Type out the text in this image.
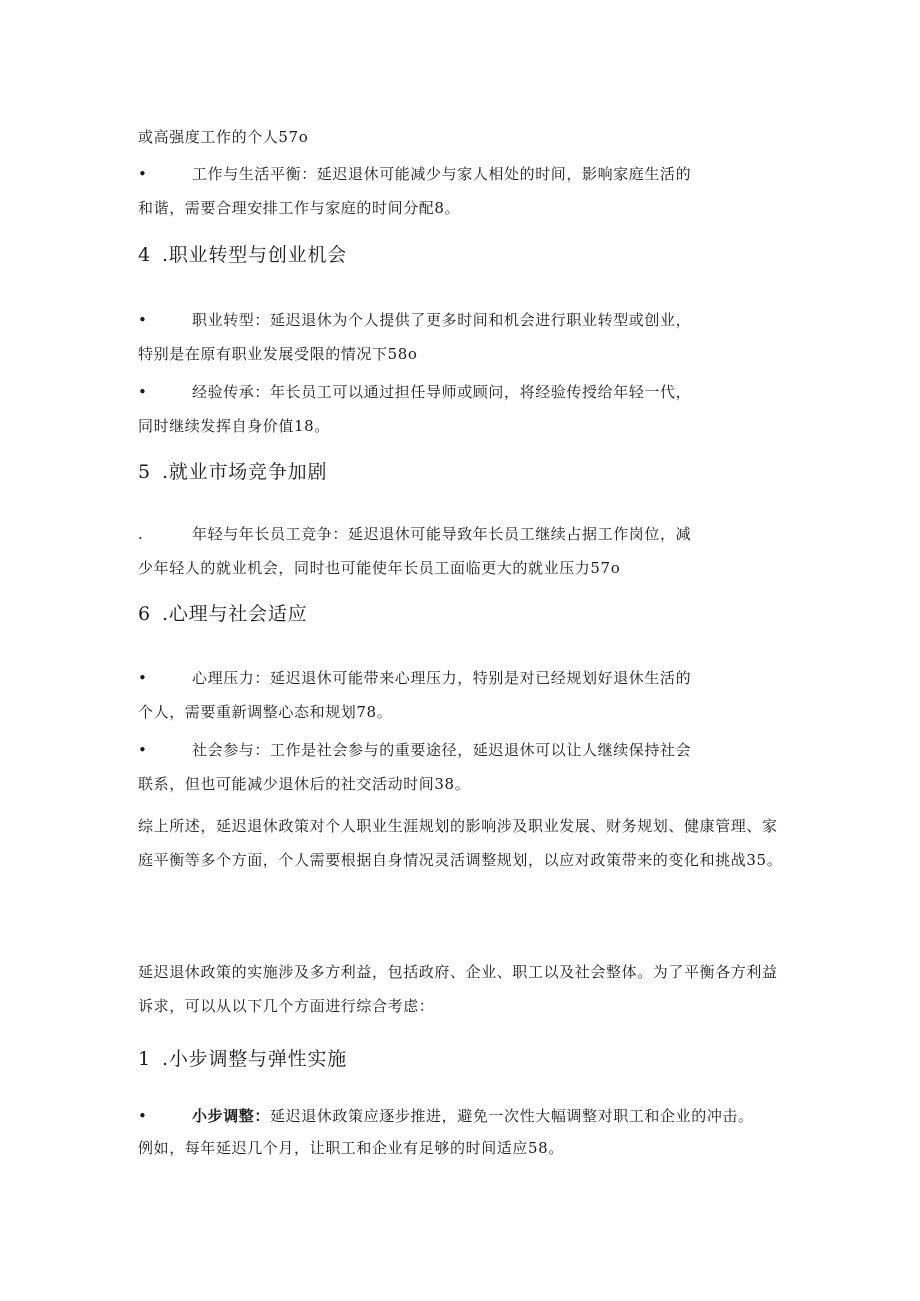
或高强度工作的个人57o
•	工作与生活平衡：延迟退休可能减少与家人相处的时间，影响家庭生活的
和谐，需要合理安排工作与家庭的时间分配8。
4 .职业转型与创业机会
•	职业转型：延迟退休为个人提供了更多时间和机会进行职业转型或创业，
特别是在原有职业发展受限的情况下58o
•	经验传承：年长员工可以通过担任导师或顾问，将经验传授给年轻一代，
同时继续发挥自身价值18。
5 .就业市场竞争加剧
.	年轻与年长员工竞争：延迟退休可能导致年长员工继续占据工作岗位，减
少年轻人的就业机会，同时也可能使年长员工面临更大的就业压力57o
6 .心理与社会适应
•	心理压力：延迟退休可能带来心理压力，特别是对已经规划好退休生活的
个人，需要重新调整心态和规划78。
•	社会参与：工作是社会参与的重要途径，延迟退休可以让人继续保持社会
联系，但也可能减少退休后的社交活动时间38。
综上所述，延迟退休政策对个人职业生涯规划的影响涉及职业发展、财务规划、健康管理、家
庭平衡等多个方面，个人需要根据自身情况灵活调整规划，以应对政策带来的变化和挑战35。
延迟退休政策的实施涉及多方利益，包括政府、企业、职工以及社会整体。为了平衡各方利益
诉求，可以从以下几个方面进行综合考虑：
1 .小步调整与弹性实施
•	小步调整：延迟退休政策应逐步推进，避免一次性大幅调整对职工和企业的冲击。
例如，每年延迟几个月，让职工和企业有足够的时间适应58。
